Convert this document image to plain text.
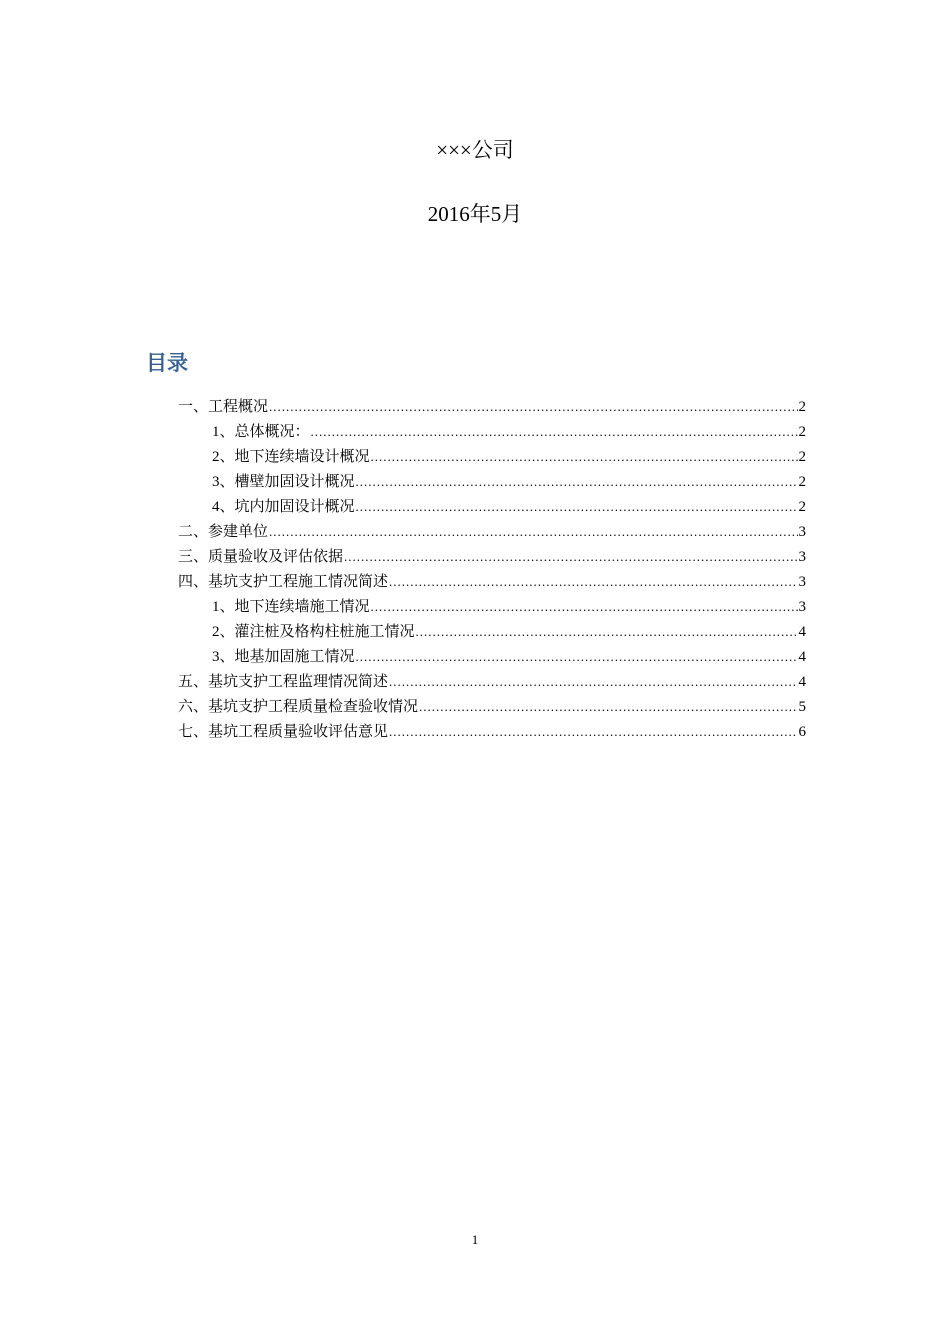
×××公司
2016年5月
目录
一、工程概况 .....	2
1、总体概况： .....	2
2、地下连续墙设计概况 .....	2
3、槽壁加固设计概况 .....	2
4、坑内加固设计概况 .....	2
二、参建单位 .....	3
三、质量验收及评估依据 .....	3
四、基坑支护工程施工情况简述 .....	3
1、地下连续墙施工情况 .....	3
2、灌注桩及格构柱桩施工情况 .....	4
3、地基加固施工情况 .....	4
五、基坑支护工程监理情况简述 .....	4
六、基坑支护工程质量检查验收情况 .....	5
七、基坑工程质量验收评估意见 .....	6
1
